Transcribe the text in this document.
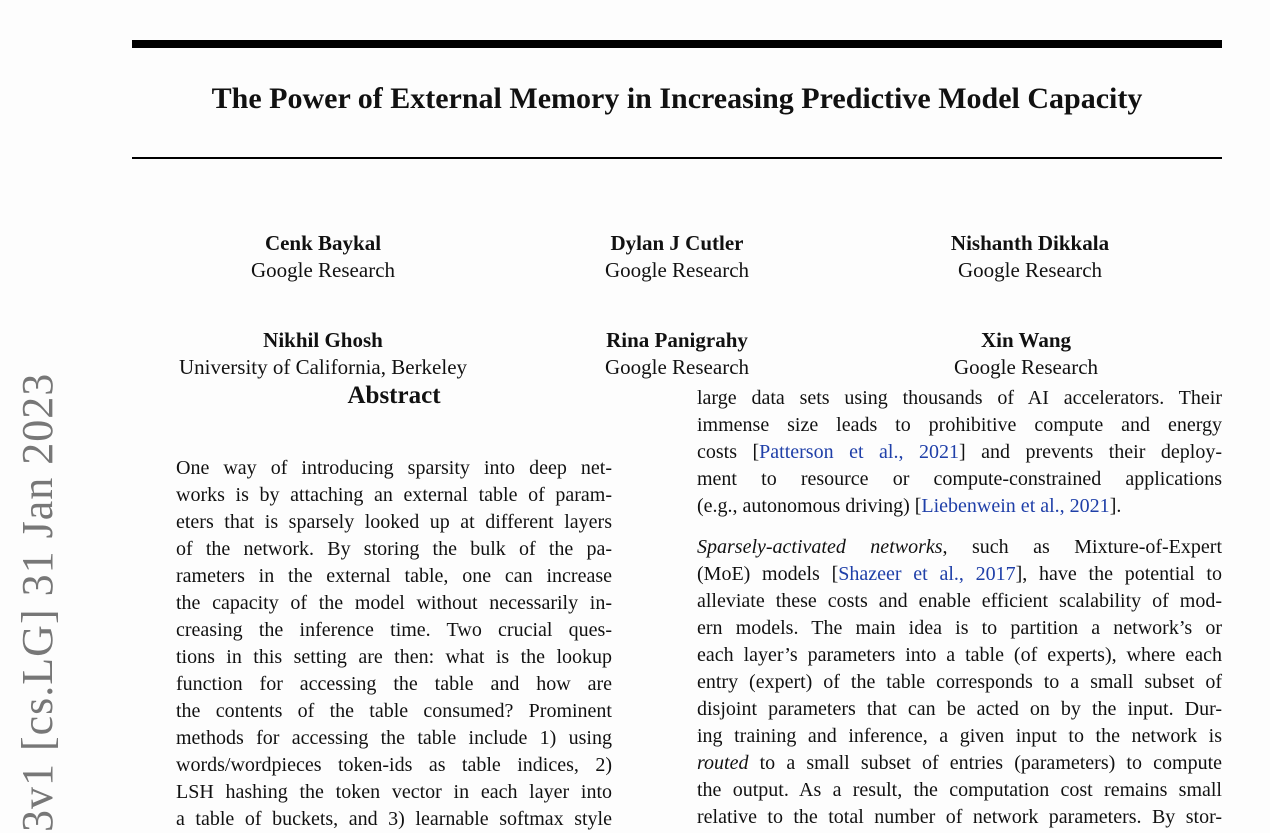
The Power of External Memory in Increasing Predictive Model Capacity
Cenk Baykal
Google Research
Dylan J Cutler
Google Research
Nishanth Dikkala
Google Research
Nikhil Ghosh
University of California, Berkeley
Rina Panigrahy
Google Research
Xin Wang
Google Research
3v1 [cs.LG] 31 Jan 2023	Abstract
One way of introducing sparsity into deep net-
works is by attaching an external table of param-
eters that is sparsely looked up at different layers
of the network. By storing the bulk of the pa-
rameters in the external table, one can increase
the capacity of the model without necessarily in-
creasing the inference time. Two crucial ques-
tions in this setting are then: what is the lookup
function for accessing the table and how are
the contents of the table consumed? Prominent
methods for accessing the table include 1) using
words/wordpieces token-ids as table indices, 2)
LSH hashing the token vector in each layer into
a table of buckets, and 3) learnable softmax style
large data sets using thousands of AI accelerators. Their
immense size leads to prohibitive compute and energy
costs [Patterson et al., 2021] and prevents their deploy-
ment to resource or compute-constrained applications
(e.g., autonomous driving) [Liebenwein et al., 2021].
Sparsely-activated networks, such as Mixture-of-Expert
(MoE) models [Shazeer et al., 2017], have the potential to
alleviate these costs and enable efficient scalability of mod-
ern models. The main idea is to partition a network’s or
each layer’s parameters into a table (of experts), where each
entry (expert) of the table corresponds to a small subset of
disjoint parameters that can be acted on by the input. Dur-
ing training and inference, a given input to the network is
routed to a small subset of entries (parameters) to compute
the output. As a result, the computation cost remains small
relative to the total number of network parameters. By stor-
